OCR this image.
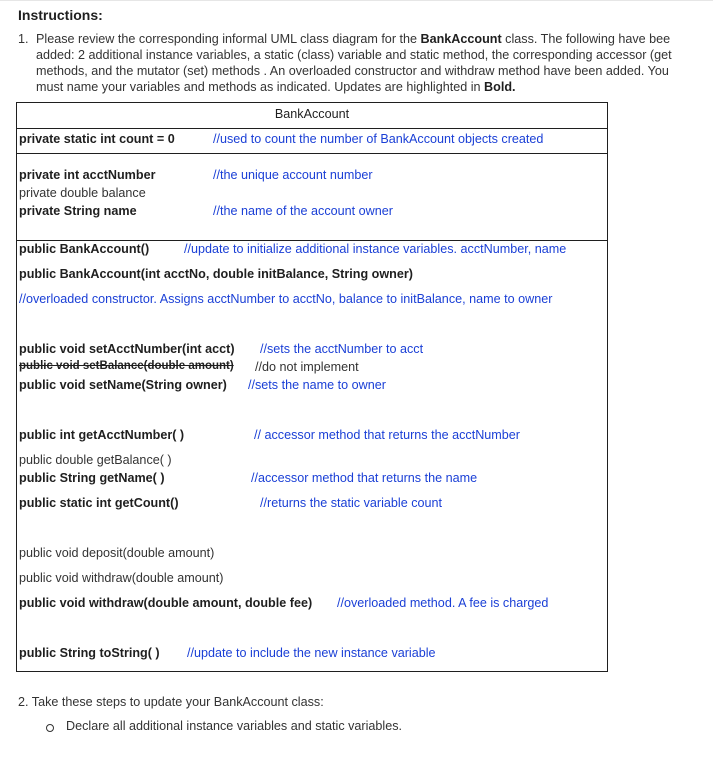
Instructions:
1. Please review the corresponding informal UML class diagram for the BankAccount class. The following have bee
added: 2 additional instance variables, a static (class) variable and static method, the corresponding accessor (get
methods, and the mutator (set) methods . An overloaded constructor and withdraw method have been added. You
must name your variables and methods as indicated. Updates are highlighted in Bold.
BankAccount
private static int count = 0	//used to count the number of BankAccount objects created
private int acctNumber	//the unique account number
private double balance
private String name	//the name of the account owner
public BankAccount()	//update to initialize additional instance variables. acctNumber, name
public BankAccount(int acctNo, double initBalance, String owner)
//overloaded constructor. Assigns acctNumber to acctNo, balance to initBalance, name to owner
public void setAcctNumber(int acct) //sets the acctNumber to acct
public void setBalance(double amount) //do not implement
public void setName(String owner) //sets the name to owner
public int getAcctNumber( )	// accessor method that returns the acctNumber
public double getBalance( )
public String getName( )	//accessor method that returns the name
public static int getCount()	//returns the static variable count
public void deposit(double amount)
public void withdraw(double amount)
public void withdraw(double amount, double fee) //overloaded method. A fee is charged
public String toString( ) //update to include the new instance variable
2. Take these steps to update your BankAccount class:
Declare all additional instance variables and static variables.
